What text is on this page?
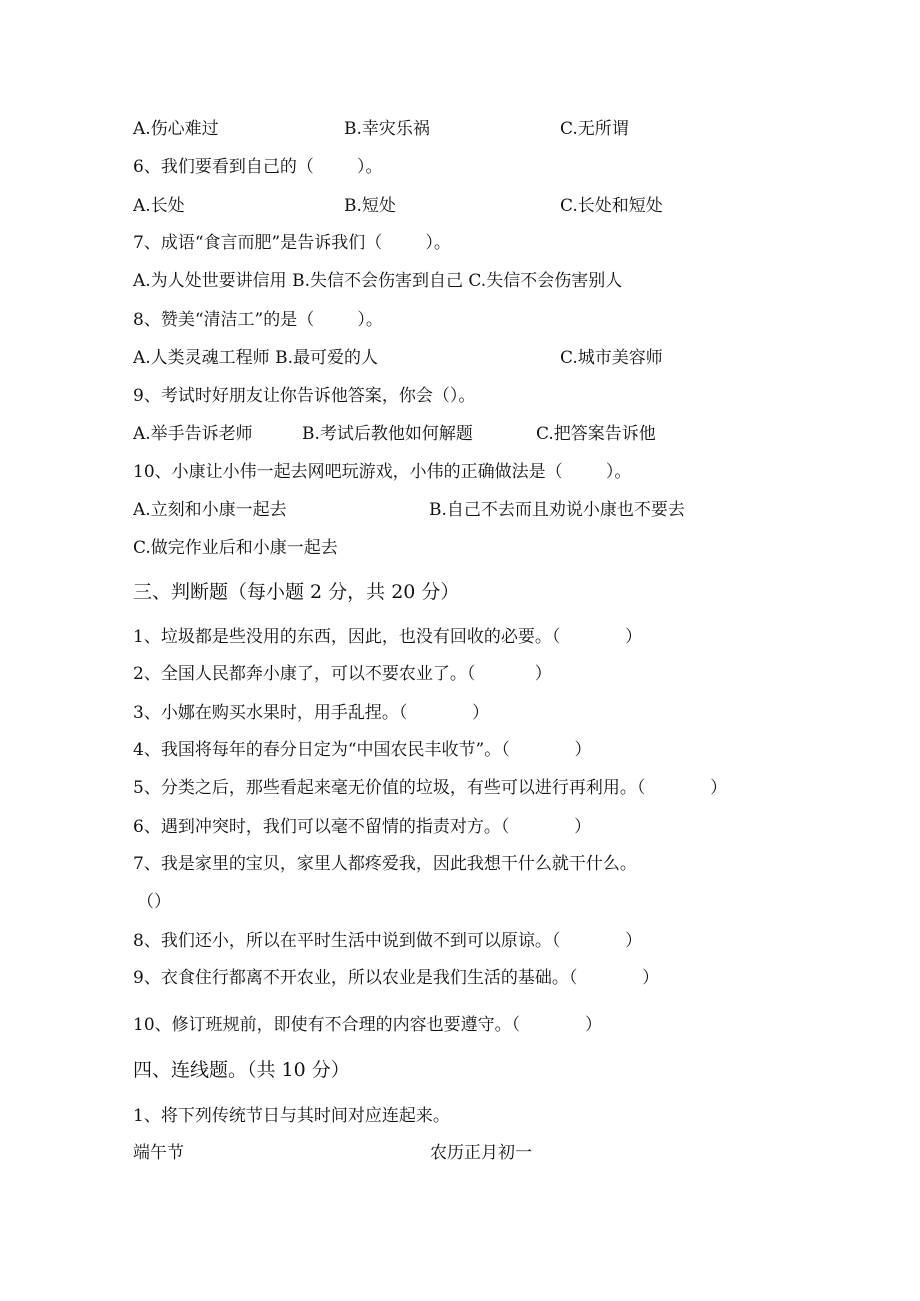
A.伤心难过	B.幸灾乐祸	C.无所谓
6、我们要看到自己的（        ）。
A.长处	B.短处	C.长处和短处
7、成语“食言而肥”是告诉我们（        ）。
A.为人处世要讲信用 B.失信不会伤害到自己 C.失信不会伤害别人
8、赞美“清洁工”的是（        ）。
A.人类灵魂工程师 B.最可爱的人	C.城市美容师
9、考试时好朋友让你告诉他答案，你会（）。
A.举手告诉老师	B.考试后教他如何解题	C.把答案告诉他
10、小康让小伟一起去网吧玩游戏，小伟的正确做法是（        ）。
A.立刻和小康一起去	B.自己不去而且劝说小康也不要去
C.做完作业后和小康一起去
三、判断题（每小题 2 分，共 20 分）
1、垃圾都是些没用的东西，因此，也没有回收的必要。（            ）
2、全国人民都奔小康了，可以不要农业了。（           ）
3、小娜在购买水果时，用手乱捏。（            ）
4、我国将每年的春分日定为“中国农民丰收节”。（            ）
5、分类之后，那些看起来毫无价值的垃圾，有些可以进行再利用。（            ）
6、遇到冲突时，我们可以毫不留情的指责对方。（            ）
7、我是家里的宝贝，家里人都疼爱我，因此我想干什么就干什么。
（）
8、我们还小，所以在平时生活中说到做不到可以原谅。（            ）
9、衣食住行都离不开农业，所以农业是我们生活的基础。（            ）
10、修订班规前，即使有不合理的内容也要遵守。（            ）
四、连线题。（共 10 分）
1、将下列传统节日与其时间对应连起来。
端午节	农历正月初一
